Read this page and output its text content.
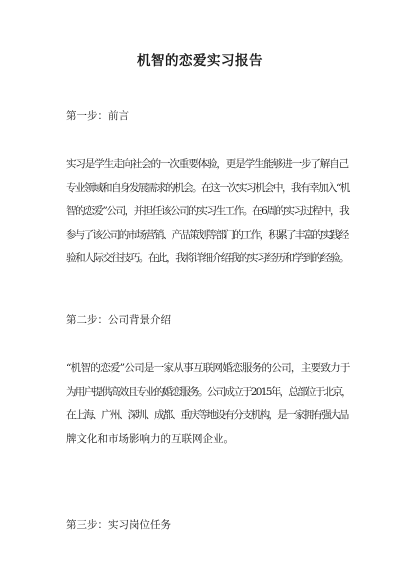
机智的恋爱实习报告
第一步：前言
实习是学生走向社会的一次重要体验，更是学生能够进一步了解自己
专业领域和自身发展需求的机会。在这一次实习机会中，我有幸加入“机
智的恋爱”公司，并担任该公司的实习生工作。在6周的实习过程中，我
参与了该公司的市场营销、产品策划等部门的工作，积累了丰富的实践经
验和人际交往技巧。在此，我将详细介绍我的实习经历和学到的经验。
第二步：公司背景介绍
“机智的恋爱”公司是一家从事互联网婚恋服务的公司，主要致力于
为用户提供高效且专业的婚恋服务。公司成立于2015年，总部位于北京，
在上海、广州、深圳、成都、重庆等地设有分支机构，是一家拥有强大品
牌文化和市场影响力的互联网企业。
第三步：实习岗位任务
